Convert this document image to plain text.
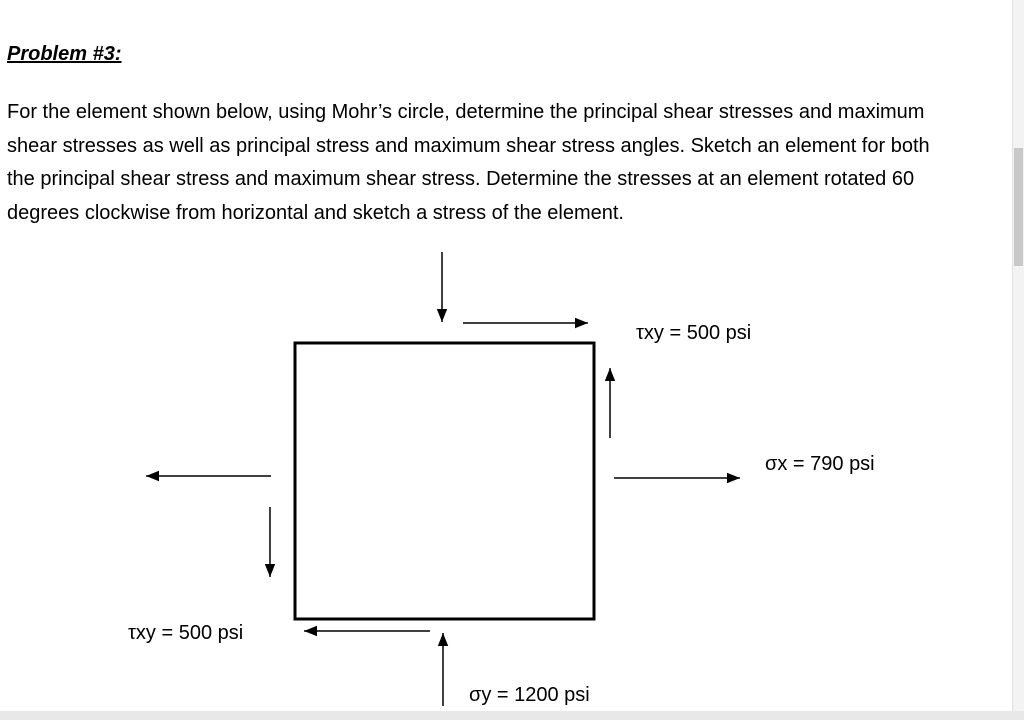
Problem #3:
For the element shown below, using Mohr’s circle, determine the principal shear stresses and maximum
shear stresses as well as principal stress and maximum shear stress angles. Sketch an element for both
the principal shear stress and maximum shear stress. Determine the stresses at an element rotated 60
degrees clockwise from horizontal and sketch a stress of the element.
τxy = 500 psi
σx = 790 psi
τxy = 500 psi
σy = 1200 psi
